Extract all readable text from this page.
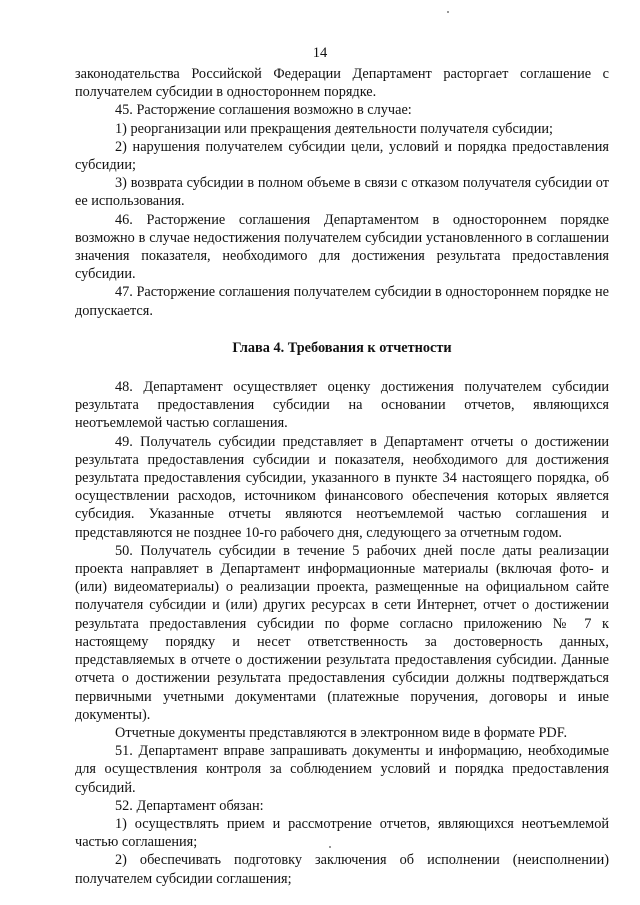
14

законодательства Российской Федерации Департамент расторгает соглашение с получателем субсидии в одностороннем порядке.

45. Расторжение соглашения возможно в случае:

1) реорганизации или прекращения деятельности получателя субсидии;

2) нарушения получателем субсидии цели, условий и порядка предоставления субсидии;

3) возврата субсидии в полном объеме в связи с отказом получателя субсидии от ее использования.

46. Расторжение соглашения Департаментом в одностороннем порядке возможно в случае недостижения получателем субсидии установленного в соглашении значения показателя, необходимого для достижения результата предоставления субсидии.

47. Расторжение соглашения получателем субсидии в одностороннем порядке не допускается.

Глава 4. Требования к отчетности

48. Департамент осуществляет оценку достижения получателем субсидии результата предоставления субсидии на основании отчетов, являющихся неотъемлемой частью соглашения.

49. Получатель субсидии представляет в Департамент отчеты о достижении результата предоставления субсидии и показателя, необходимого для достижения результата предоставления субсидии, указанного в пункте 34 настоящего порядка, об осуществлении расходов, источником финансового обеспечения которых является субсидия. Указанные отчеты являются неотъемлемой частью соглашения и представляются не позднее 10-го рабочего дня, следующего за отчетным годом.

50. Получатель субсидии в течение 5 рабочих дней после даты реализации проекта направляет в Департамент информационные материалы (включая фото- и (или) видеоматериалы) о реализации проекта, размещенные на официальном сайте получателя субсидии и (или) других ресурсах в сети Интернет, отчет о достижении результата предоставления субсидии по форме согласно приложению № 7 к настоящему порядку и несет ответственность за достоверность данных, представляемых в отчете о достижении результата предоставления субсидии. Данные отчета о достижении результата предоставления субсидии должны подтверждаться первичными учетными документами (платежные поручения, договоры и иные документы).

Отчетные документы представляются в электронном виде в формате PDF.

51. Департамент вправе запрашивать документы и информацию, необходимые для осуществления контроля за соблюдением условий и порядка предоставления субсидий.

52. Департамент обязан:

1) осуществлять прием и рассмотрение отчетов, являющихся неотъемлемой частью соглашения;

2) обеспечивать подготовку заключения об исполнении (неисполнении) получателем субсидии соглашения;
